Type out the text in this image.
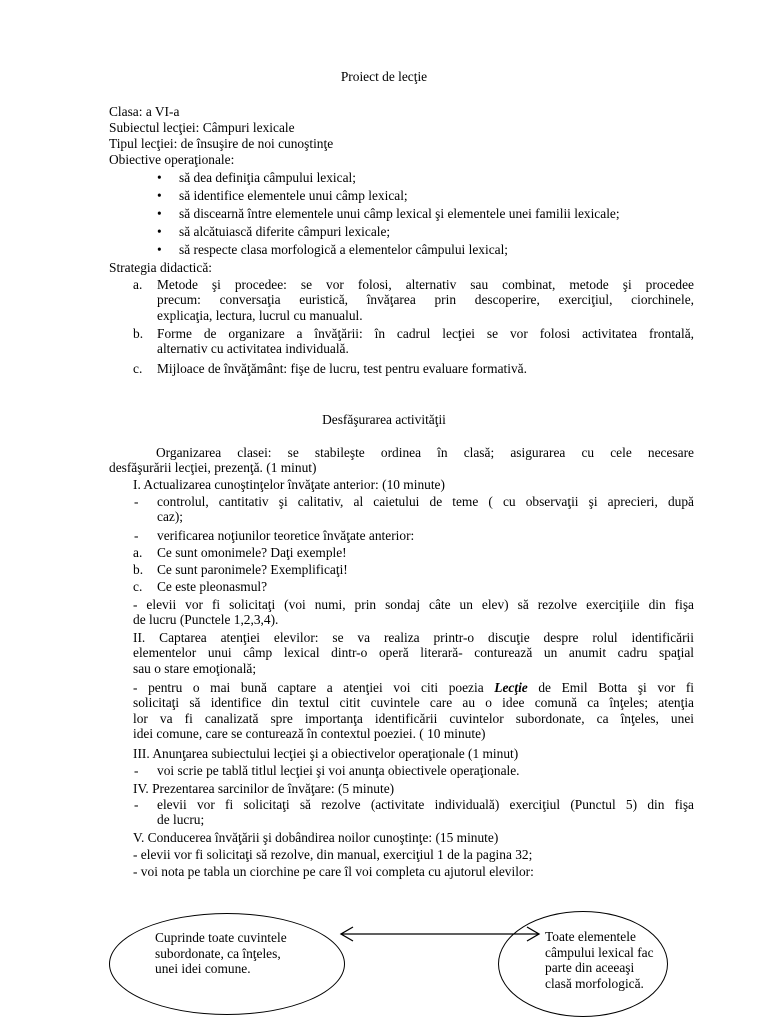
Proiect de lecţie
Clasa: a VI-a
Subiectul lecţiei: Câmpuri lexicale
Tipul lecţiei: de însuşire de noi cunoştinţe
Obiective operaţionale:
• să dea definiţia câmpului lexical;
• să identifice elementele unui câmp lexical;
• să discearnă între elementele unui câmp lexical şi elementele unei familii lexicale;
• să alcătuiască diferite câmpuri lexicale;
• să respecte clasa morfologică a elementelor câmpului lexical;
Strategia didactică:
a. Metode şi procedee: se vor folosi, alternativ sau combinat, metode şi procedee
precum: conversaţia euristică, învăţarea prin descoperire, exerciţiul, ciorchinele,
explicaţia, lectura, lucrul cu manualul.
b. Forme de organizare a învăţării: în cadrul lecţiei se vor folosi activitatea frontală,
alternativ cu activitatea individuală.
c. Mijloace de învăţământ: fişe de lucru, test pentru evaluare formativă.
Desfăşurarea activităţii
Organizarea clasei: se stabileşte ordinea în clasă; asigurarea cu cele necesare
desfăşurării lecţiei, prezenţă. (1 minut)
I. Actualizarea cunoştinţelor învăţate anterior: (10 minute)
- controlul, cantitativ şi calitativ, al caietului de teme ( cu observaţii şi aprecieri, după
caz);
- verificarea noţiunilor teoretice învăţate anterior:
a. Ce sunt omonimele? Daţi exemple!
b. Ce sunt paronimele? Exemplificaţi!
c. Ce este pleonasmul?
- elevii vor fi solicitaţi (voi numi, prin sondaj câte un elev) să rezolve exerciţiile din fişa
de lucru (Punctele 1,2,3,4).
II. Captarea atenţiei elevilor: se va realiza printr-o discuţie despre rolul identificării
elementelor unui câmp lexical dintr-o operă literară- conturează un anumit cadru spaţial
sau o stare emoţională;
- pentru o mai bună captare a atenţiei voi citi poezia Lecţie de Emil Botta şi vor fi
solicitaţi să identifice din textul citit cuvintele care au o idee comună ca înţeles; atenţia
lor va fi canalizată spre importanţa identificării cuvintelor subordonate, ca înţeles, unei
idei comune, care se conturează în contextul poeziei. ( 10 minute)
III. Anunţarea subiectului lecţiei şi a obiectivelor operaţionale (1 minut)
- voi scrie pe tablă titlul lecţiei şi voi anunţa obiectivele operaţionale.
IV. Prezentarea sarcinilor de învăţare: (5 minute)
- elevii vor fi solicitaţi să rezolve (activitate individuală) exerciţiul (Punctul 5) din fişa
de lucru;
V. Conducerea învăţării şi dobândirea noilor cunoştinţe: (15 minute)
- elevii vor fi solicitaţi să rezolve, din manual, exerciţiul 1 de la pagina 32;
- voi nota pe tabla un ciorchine pe care îl voi completa cu ajutorul elevilor:
Cuprinde toate cuvintele
subordonate, ca înţeles,
unei idei comune.
Toate elementele
câmpului lexical fac
parte din aceeaşi
clasă morfologică.
